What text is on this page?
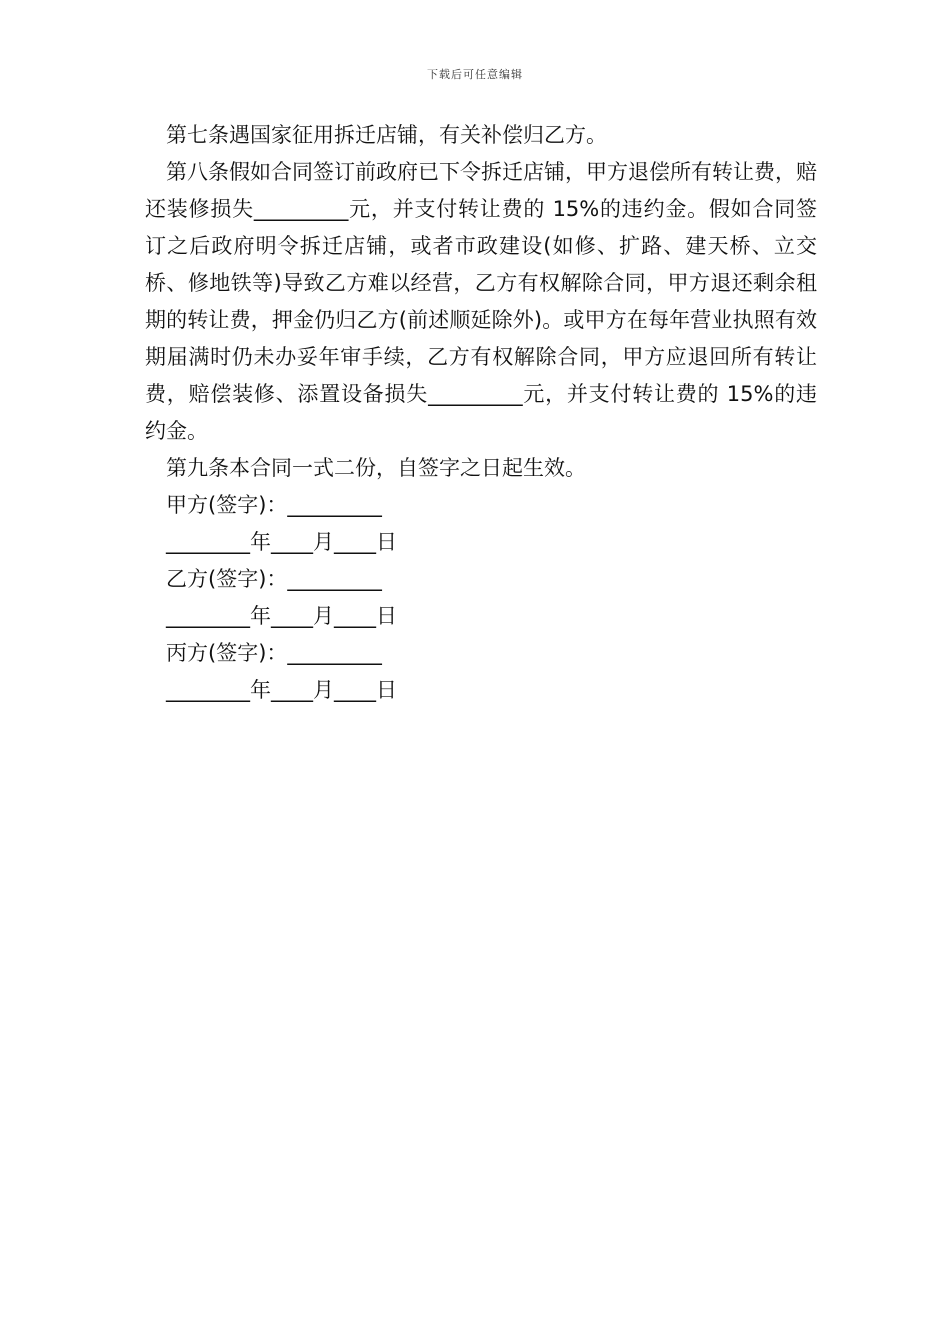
下载后可任意编辑

第七条遇国家征用拆迁店铺，有关补偿归乙方。

第八条假如合同签订前政府已下令拆迁店铺，甲方退偿所有转让费，赔还装修损失_________元，并支付转让费的 15%的违约金。假如合同签订之后政府明令拆迁店铺，或者市政建设(如修、扩路、建天桥、立交桥、修地铁等)导致乙方难以经营，乙方有权解除合同，甲方退还剩余租期的转让费，押金仍归乙方(前述顺延除外)。或甲方在每年营业执照有效期届满时仍未办妥年审手续，乙方有权解除合同，甲方应退回所有转让费，赔偿装修、添置设备损失_________元，并支付转让费的 15%的违约金。

第九条本合同一式二份，自签字之日起生效。

甲方(签字)：_________

________年____月____日

乙方(签字)：_________

________年____月____日

丙方(签字)：_________

________年____月____日
